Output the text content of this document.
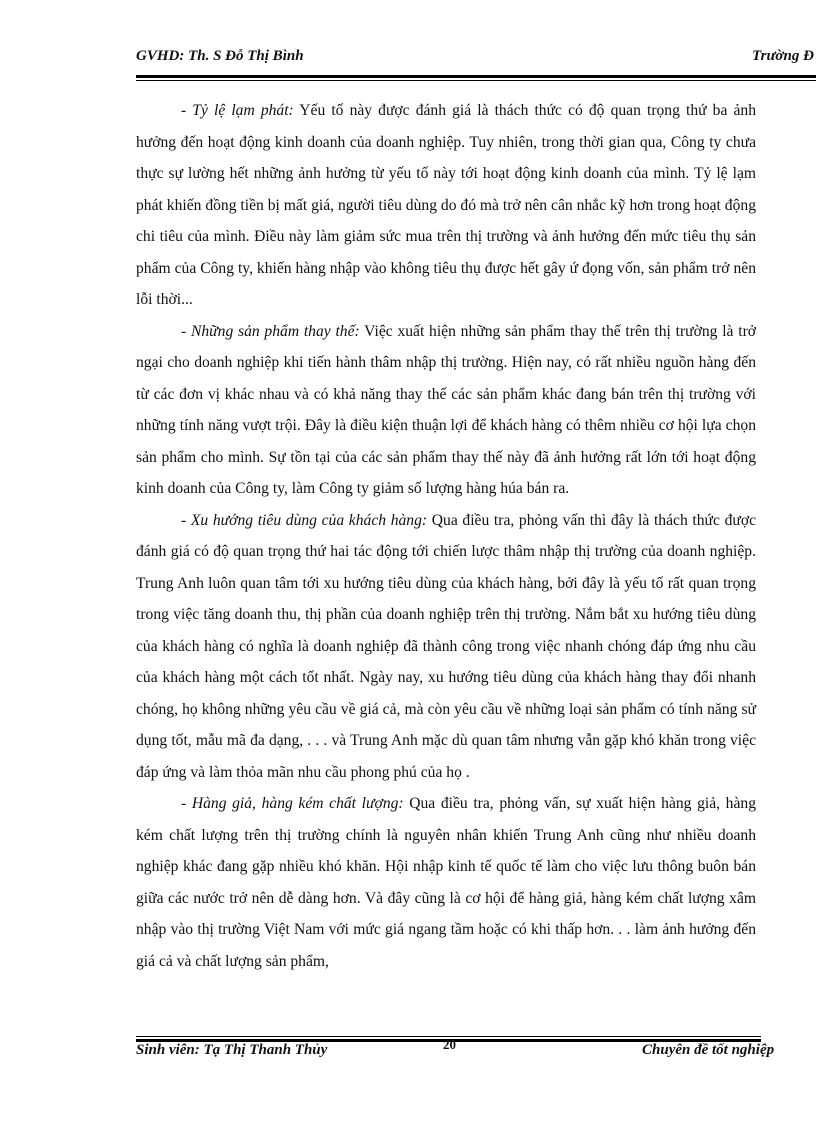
GVHD: Th. S Đỗ Thị Bình	Trường Đ

- Tỷ lệ lạm phát: Yếu tố này được đánh giá là thách thức có độ quan trọng thứ ba ảnh hưởng đến hoạt động kinh doanh của doanh nghiệp. Tuy nhiên, trong thời gian qua, Công ty chưa thực sự lường hết những ảnh hưởng từ yếu tố này tới hoạt động kinh doanh của mình. Tỷ lệ lạm phát khiến đồng tiền bị mất giá, người tiêu dùng do đó mà trở nên cân nhắc kỹ hơn trong hoạt động chi tiêu của mình. Điều này làm giảm sức mua trên thị trường và ảnh hưởng đến mức tiêu thụ sản phẩm của Công ty, khiến hàng nhập vào không tiêu thụ được hết gây ứ đọng vốn, sản phẩm trở nên lỗi thời...

- Những sản phẩm thay thế: Việc xuất hiện những sản phẩm thay thế trên thị trường là trở ngại cho doanh nghiệp khi tiến hành thâm nhập thị trường. Hiện nay, có rất nhiều nguồn hàng đến từ các đơn vị khác nhau và có khả năng thay thế các sản phẩm khác đang bán trên thị trường với những tính năng vượt trội. Đây là điều kiện thuận lợi để khách hàng có thêm nhiều cơ hội lựa chọn sản phẩm cho mình. Sự tồn tại của các sản phẩm thay thế này đã ảnh hưởng rất lớn tới hoạt động kinh doanh của Công ty, làm Công ty giảm số lượng hàng húa bán ra.

- Xu hướng tiêu dùng của khách hàng: Qua điều tra, phỏng vấn thì đây là thách thức được đánh giá có độ quan trọng thứ hai tác động tới chiến lược thâm nhập thị trường của doanh nghiệp. Trung Anh luôn quan tâm tới xu hướng tiêu dùng của khách hàng, bởi đây là yếu tố rất quan trọng trong việc tăng doanh thu, thị phần của doanh nghiệp trên thị trường. Nắm bắt xu hướng tiêu dùng của khách hàng có nghĩa là doanh nghiệp đã thành công trong việc nhanh chóng đáp ứng nhu cầu của khách hàng một cách tốt nhất. Ngày nay, xu hướng tiêu dùng của khách hàng thay đổi nhanh chóng, họ không những yêu cầu về giá cả, mà còn yêu cầu về những loại sản phẩm có tính năng sử dụng tốt, mẫu mã đa dạng, . . . và Trung Anh mặc dù quan tâm nhưng vẫn gặp khó khăn trong việc đáp ứng và làm thỏa mãn nhu cầu phong phú của họ .

- Hàng giả, hàng kém chất lượng: Qua điều tra, phỏng vấn, sự xuất hiện hàng giả, hàng kém chất lượng trên thị trường chính là nguyên nhân khiến Trung Anh cũng như nhiều doanh nghiệp khác đang gặp nhiều khó khăn. Hội nhập kinh tế quốc tế làm cho việc lưu thông buôn bán giữa các nước trở nên dễ dàng hơn. Và đây cũng là cơ hội để hàng giả, hàng kém chất lượng xâm nhập vào thị trường Việt Nam với mức giá ngang tầm hoặc có khi thấp hơn. . . làm ảnh hưởng đến giá cả và chất lượng sản phẩm,

Sinh viên: Tạ Thị Thanh Thủy	20	Chuyên đề tốt nghiệp
